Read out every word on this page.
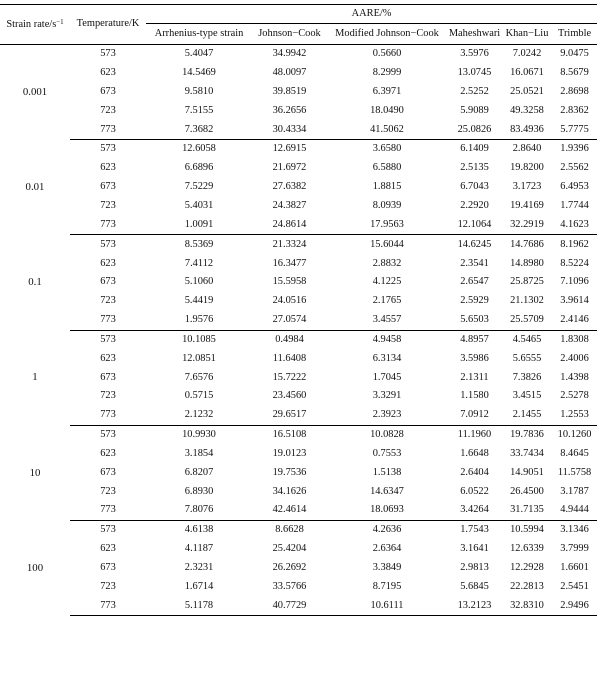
Strain rate/$s^{-1}$	Temperature/K	AARE/%					
		Arrhenius-type strain	Johnson−Cook	Modified Johnson−Cook	Maheshwari	Khan−Liu	Trimble
0.001	573	5.4047	34.9942	0.5660	3.5976	7.0242	9.0475
	623	14.5469	48.0097	8.2999	13.0745	16.0671	8.5679
	673	9.5810	39.8519	6.3971	2.5252	25.0521	2.8698
	723	7.5155	36.2656	18.0490	5.9089	49.3258	2.8362
	773	7.3682	30.4334	41.5062	25.0826	83.4936	5.7775
0.01	573	12.6058	12.6915	3.6580	6.1409	2.8640	1.9396
	623	6.6896	21.6972	6.5880	2.5135	19.8200	2.5562
	673	7.5229	27.6382	1.8815	6.7043	3.1723	6.4953
	723	5.4031	24.3827	8.0939	2.2920	19.4169	1.7744
	773	1.0091	24.8614	17.9563	12.1064	32.2919	4.1623
0.1	573	8.5369	21.3324	15.6044	14.6245	14.7686	8.1962
	623	7.4112	16.3477	2.8832	2.3541	14.8980	8.5224
	673	5.1060	15.5958	4.1225	2.6547	25.8725	7.1096
	723	5.4419	24.0516	2.1765	2.5929	21.1302	3.9614
	773	1.9576	27.0574	3.4557	5.6503	25.5709	2.4146
1	573	10.1085	0.4984	4.9458	4.8957	4.5465	1.8308
	623	12.0851	11.6408	6.3134	3.5986	5.6555	2.4006
	673	7.6576	15.7222	1.7045	2.1311	7.3826	1.4398
	723	0.5715	23.4560	3.3291	1.1580	3.4515	2.5278
	773	2.1232	29.6517	2.3923	7.0912	2.1455	1.2553
10	573	10.9930	16.5108	10.0828	11.1960	19.7836	10.1260
	623	3.1854	19.0123	0.7553	1.6648	33.7434	8.4645
	673	6.8207	19.7536	1.5138	2.6404	14.9051	11.5758
	723	6.8930	34.1626	14.6347	6.0522	26.4500	3.1787
	773	7.8076	42.4614	18.0693	3.4264	31.7135	4.9444
100	573	4.6138	8.6628	4.2636	1.7543	10.5994	3.1346
	623	4.1187	25.4204	2.6364	3.1641	12.6339	3.7999
	673	2.3231	26.2692	3.3849	2.9813	12.2928	1.6601
	723	1.6714	33.5766	8.7195	5.6845	22.2813	2.5451
	773	5.1178	40.7729	10.6111	13.2123	32.8310	2.9496
